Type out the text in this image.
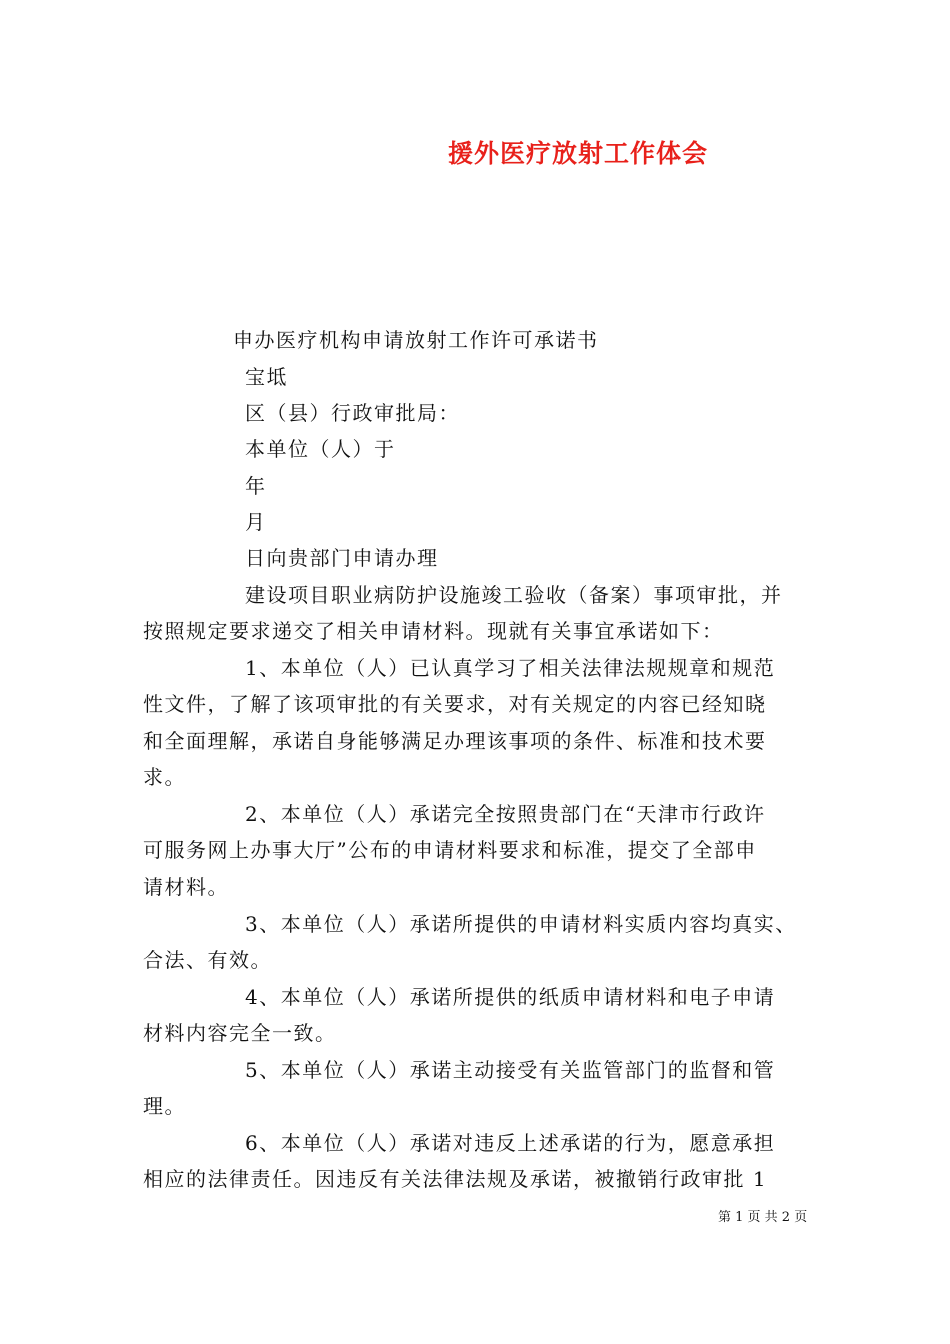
援外医疗放射工作体会
申办医疗机构申请放射工作许可承诺书
宝坻
区（县）行政审批局：
本单位（人）于
年
月
日向贵部门申请办理
建设项目职业病防护设施竣工验收（备案）事项审批，并
按照规定要求递交了相关申请材料。现就有关事宜承诺如下：
1、本单位（人）已认真学习了相关法律法规规章和规范
性文件，了解了该项审批的有关要求，对有关规定的内容已经知晓
和全面理解，承诺自身能够满足办理该事项的条件、标准和技术要
求。
2、本单位（人）承诺完全按照贵部门在“天津市行政许
可服务网上办事大厅”公布的申请材料要求和标准，提交了全部申
请材料。
3、本单位（人）承诺所提供的申请材料实质内容均真实、
合法、有效。
4、本单位（人）承诺所提供的纸质申请材料和电子申请
材料内容完全一致。
5、本单位（人）承诺主动接受有关监管部门的监督和管
理。
6、本单位（人）承诺对违反上述承诺的行为，愿意承担
相应的法律责任。因违反有关法律法规及承诺，被撤销行政审批 1
第 1 页 共 2 页
